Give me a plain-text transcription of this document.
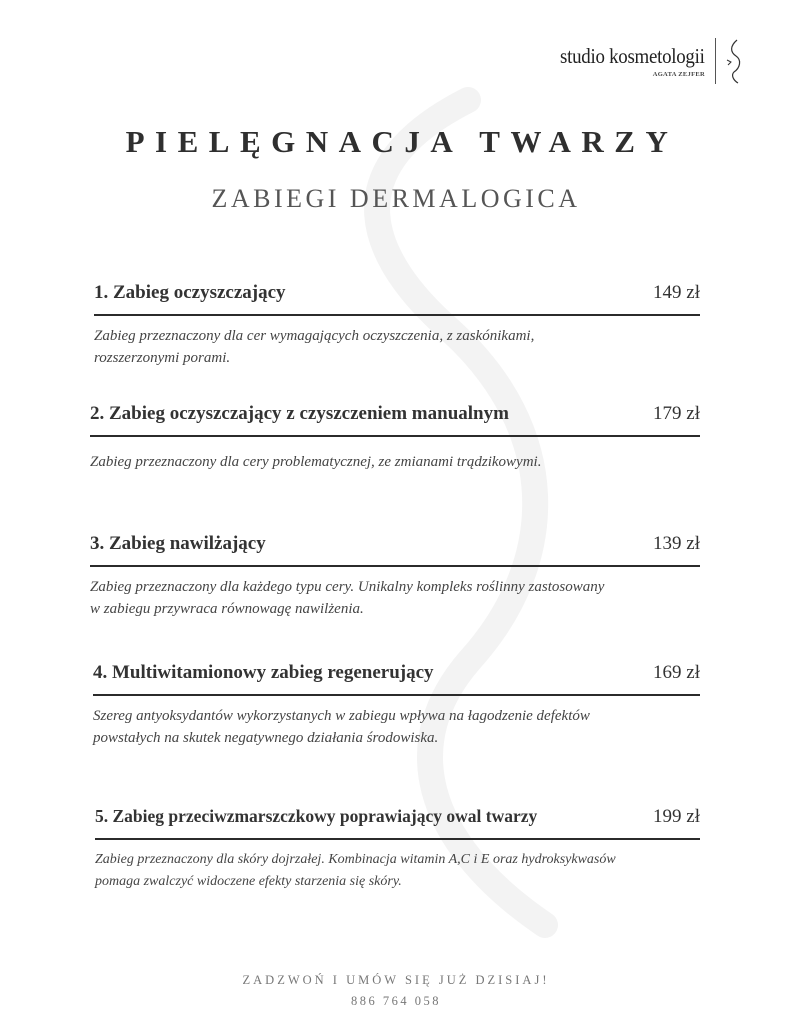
studio kosmetologii
AGATA ZEJFER
PIELĘGNACJA TWARZY
ZABIEGI DERMALOGICA
1. Zabieg oczyszczający	149 zł
Zabieg przeznaczony dla cer wymagających oczyszczenia, z zaskónikami,
rozszerzonymi porami.
2. Zabieg oczyszczający z czyszczeniem manualnym	179 zł
Zabieg przeznaczony dla cery problematycznej, ze zmianami trądzikowymi.
3. Zabieg nawilżający	139 zł
Zabieg przeznaczony dla każdego typu cery. Unikalny kompleks roślinny zastosowany
w zabiegu przywraca równowagę nawilżenia.
4. Multiwitamionowy zabieg regenerujący	169 zł
Szereg antyoksydantów wykorzystanych w zabiegu wpływa na łagodzenie defektów
powstałych na skutek negatywnego działania środowiska.
5. Zabieg przeciwzmarszczkowy poprawiający owal twarzy	199 zł
Zabieg przeznaczony dla skóry dojrzałej. Kombinacja witamin A,C i E oraz hydroksykwasów
pomaga zwalczyć widoczene efekty starzenia się skóry.
ZADZWOŃ I UMÓW SIĘ JUŻ DZISIAJ!
886 764 058
